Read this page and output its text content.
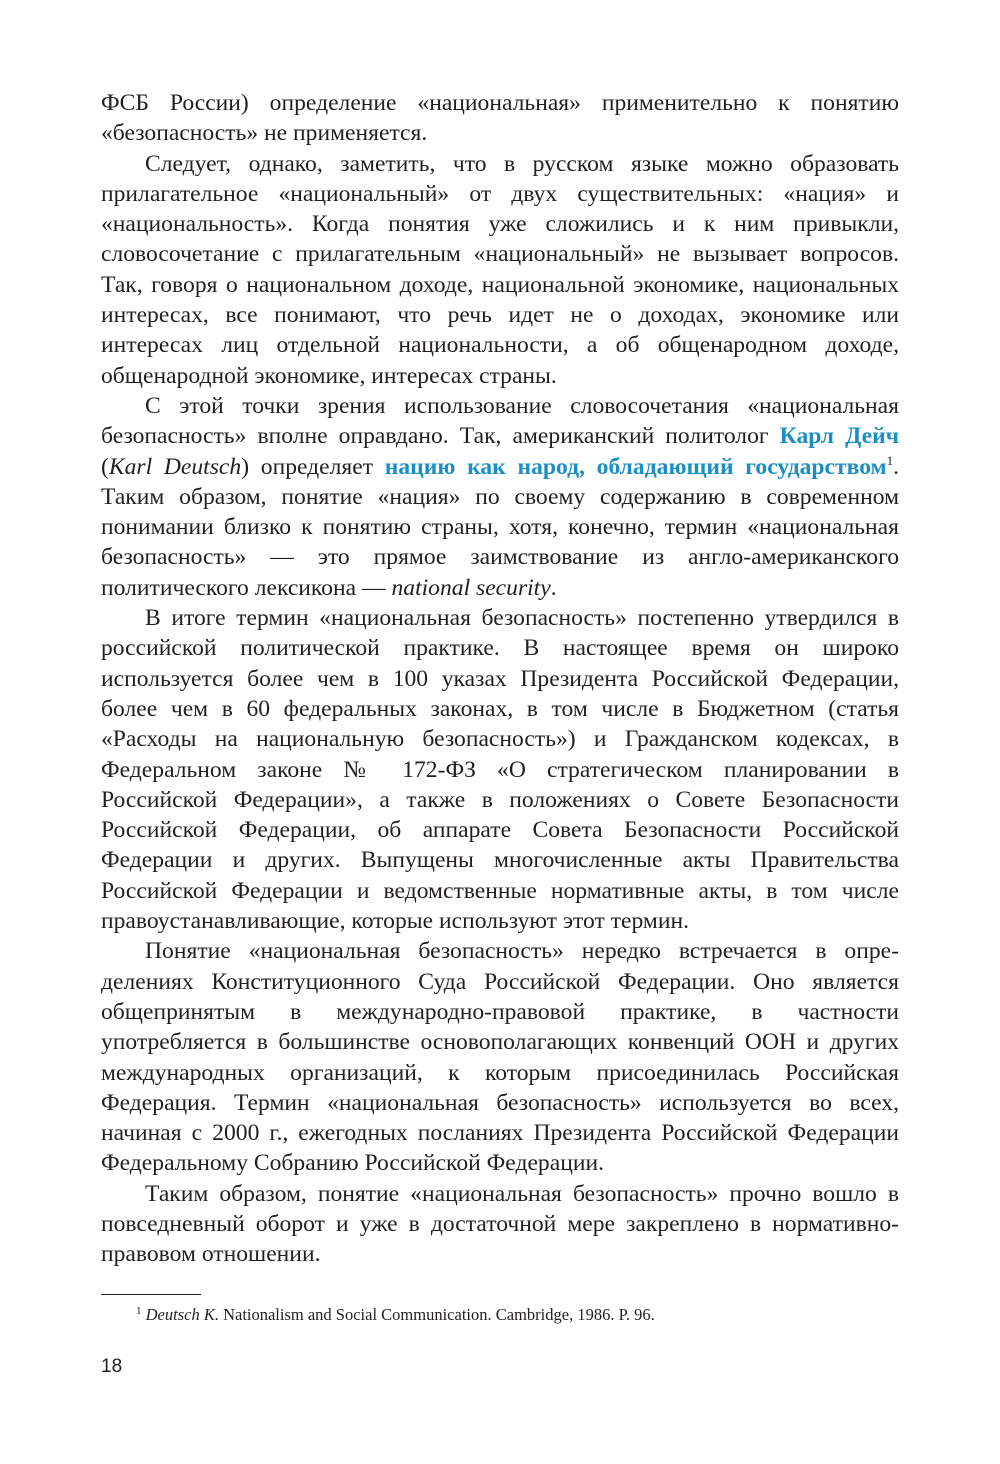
ФСБ России) определение «национальная» применительно к понятию «безопасность» не применяется.

Следует, однако, заметить, что в русском языке можно образовать прилагательное «национальный» от двух существительных: «нация» и «национальность». Когда понятия уже сложились и к ним привыкли, словосочетание с прилагательным «национальный» не вызывает вопросов. Так, говоря о национальном доходе, национальной экономике, национальных интересах, все понимают, что речь идет не о доходах, экономике или интересах лиц отдельной национальности, а об общенародном доходе, общенародной экономике, интересах страны.

С этой точки зрения использование словосочетания «национальная безопасность» вполне оправдано. Так, американский политолог Карл Дейч (Karl Deutsch) определяет нацию как народ, обладающий государством$^1$. Таким образом, понятие «нация» по своему содержанию в современном понимании близко к понятию страны, хотя, конечно, термин «национальная безопасность» — это прямое заимствование из англо-американского политического лексикона — national security.

В итоге термин «национальная безопасность» постепенно утвердился в российской политической практике. В настоящее время он широко используется более чем в 100 указах Президента Российской Федерации, более чем в 60 федеральных законах, в том числе в Бюджетном (статья «Расходы на национальную безопасность») и Гражданском кодексах, в Федеральном законе № 172-ФЗ «О стратегическом планировании в Российской Федерации», а также в положениях о Совете Безопасности Российской Федерации, об аппарате Совета Безопасности Российской Федерации и других. Выпущены многочисленные акты Правительства Российской Федерации и ведомственные нормативные акты, в том числе правоустанавливающие, которые используют этот термин.

Понятие «национальная безопасность» нередко встречается в определениях Конституционного Суда Российской Федерации. Оно является общепринятым в международно-правовой практике, в частности употребляется в большинстве основополагающих конвенций ООН и других международных организаций, к которым присоединилась Российская Федерация. Термин «национальная безопасность» используется во всех, начиная с 2000 г., ежегодных посланиях Президента Российской Федерации Федеральному Собранию Российской Федерации.

Таким образом, понятие «национальная безопасность» прочно вошло в повседневный оборот и уже в достаточной мере закреплено в нормативно-правовом отношении.

$^1$ Deutsch K. Nationalism and Social Communication. Cambridge, 1986. P. 96.
18
